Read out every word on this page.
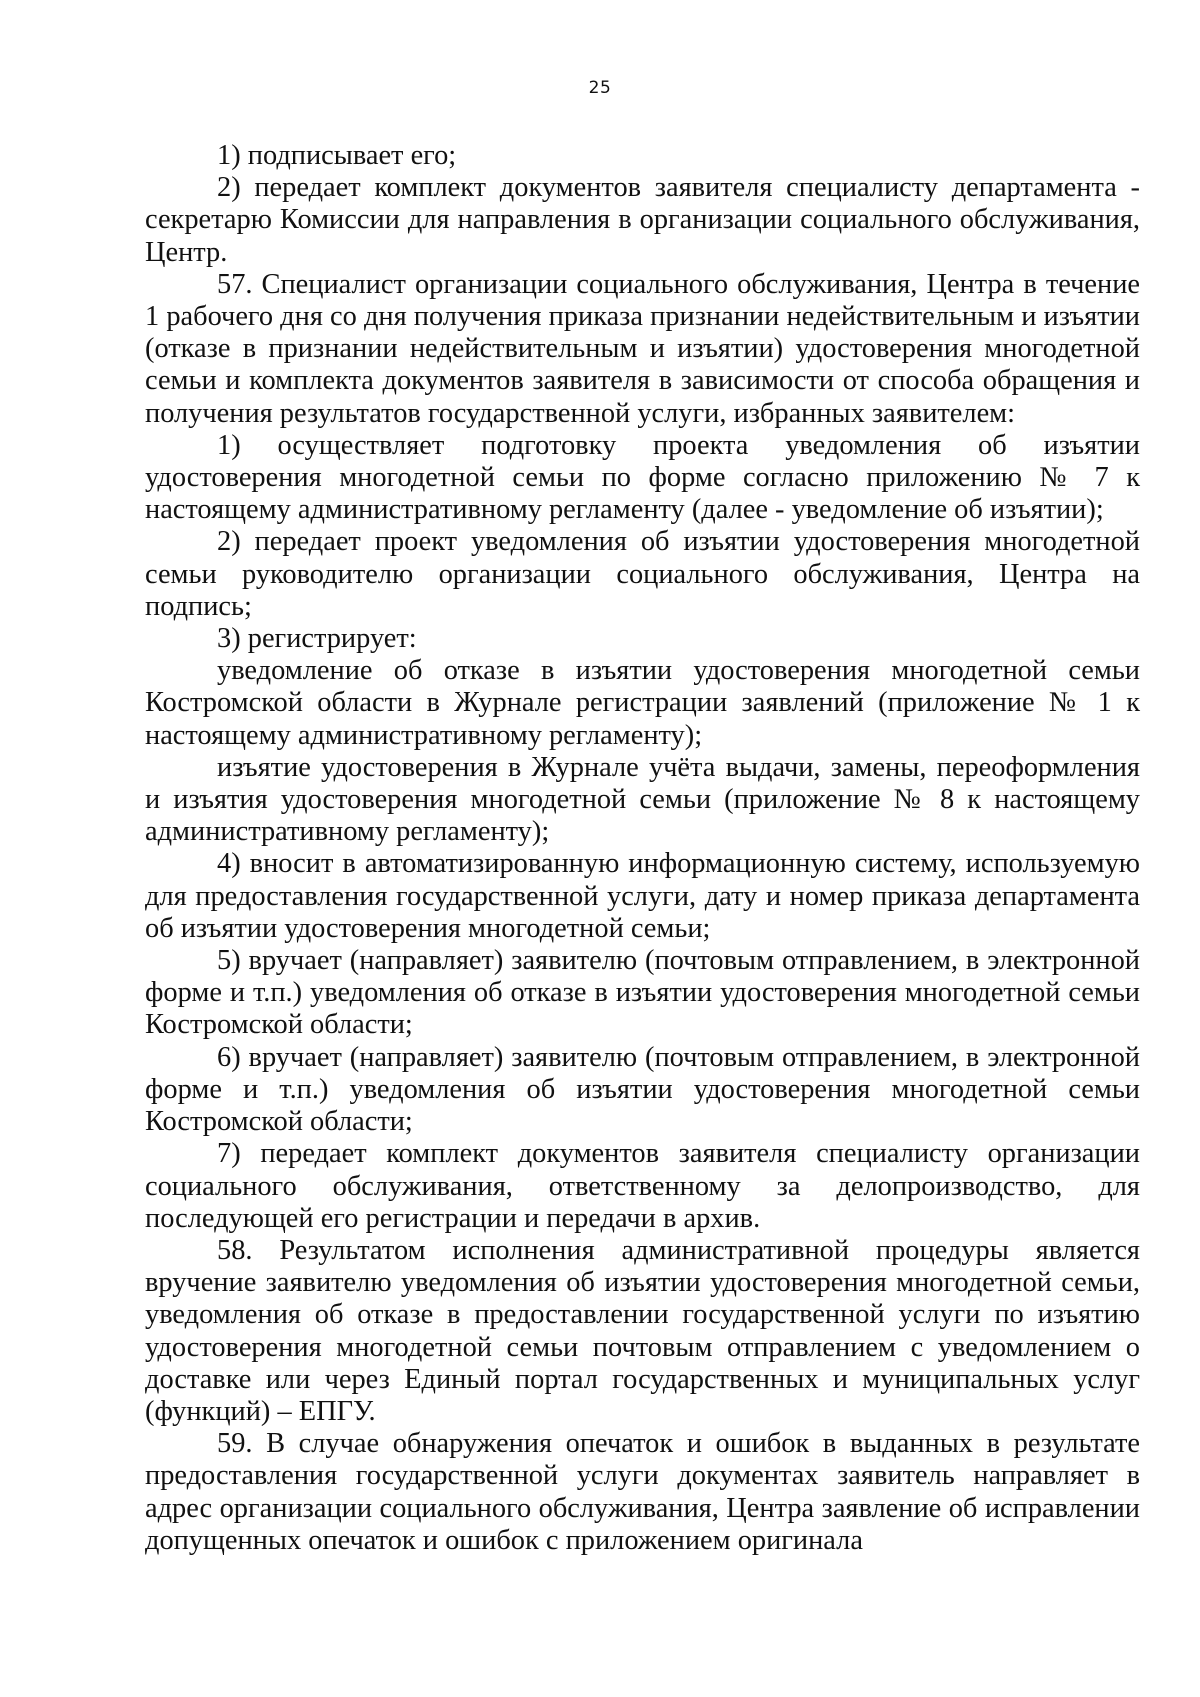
25

1) подписывает его;

2) передает комплект документов заявителя специалисту департамента - секретарю Комиссии для направления в организации социального обслуживания, Центр.

57. Специалист организации социального обслуживания, Центра в течение 1 рабочего дня со дня получения приказа признании недействительным и изъятии (отказе в признании недействительным и изъятии) удостоверения многодетной семьи и комплекта документов заявителя в зависимости от способа обращения и получения результатов государственной услуги, избранных заявителем:

1) осуществляет подготовку проекта уведомления об изъятии удостоверения многодетной семьи по форме согласно приложению № 7 к настоящему административному регламенту (далее - уведомление об изъятии);

2) передает проект уведомления об изъятии удостоверения многодетной семьи руководителю организации социального обслуживания, Центра на подпись;

3) регистрирует:

уведомление об отказе в изъятии удостоверения многодетной семьи Костромской области в Журнале регистрации заявлений (приложение № 1 к настоящему административному регламенту);

изъятие удостоверения в Журнале учёта выдачи, замены, переоформления и изъятия удостоверения многодетной семьи (приложение № 8 к настоящему административному регламенту);

4) вносит в автоматизированную информационную систему, используемую для предоставления государственной услуги, дату и номер приказа департамента об изъятии удостоверения многодетной семьи;

5) вручает (направляет) заявителю (почтовым отправлением, в электронной форме и т.п.) уведомления об отказе в изъятии удостоверения многодетной семьи Костромской области;

6) вручает (направляет) заявителю (почтовым отправлением, в электронной форме и т.п.) уведомления об изъятии удостоверения многодетной семьи Костромской области;

7) передает комплект документов заявителя специалисту организации социального обслуживания, ответственному за делопроизводство, для последующей его регистрации и передачи в архив.

58. Результатом исполнения административной процедуры является вручение заявителю уведомления об изъятии удостоверения многодетной семьи, уведомления об отказе в предоставлении государственной услуги по изъятию удостоверения многодетной семьи почтовым отправлением с уведомлением о доставке или через Единый портал государственных и муниципальных услуг (функций) – ЕПГУ.

59. В случае обнаружения опечаток и ошибок в выданных в результате предоставления государственной услуги документах заявитель направляет в адрес организации социального обслуживания, Центра заявление об исправлении допущенных опечаток и ошибок с приложением оригинала
